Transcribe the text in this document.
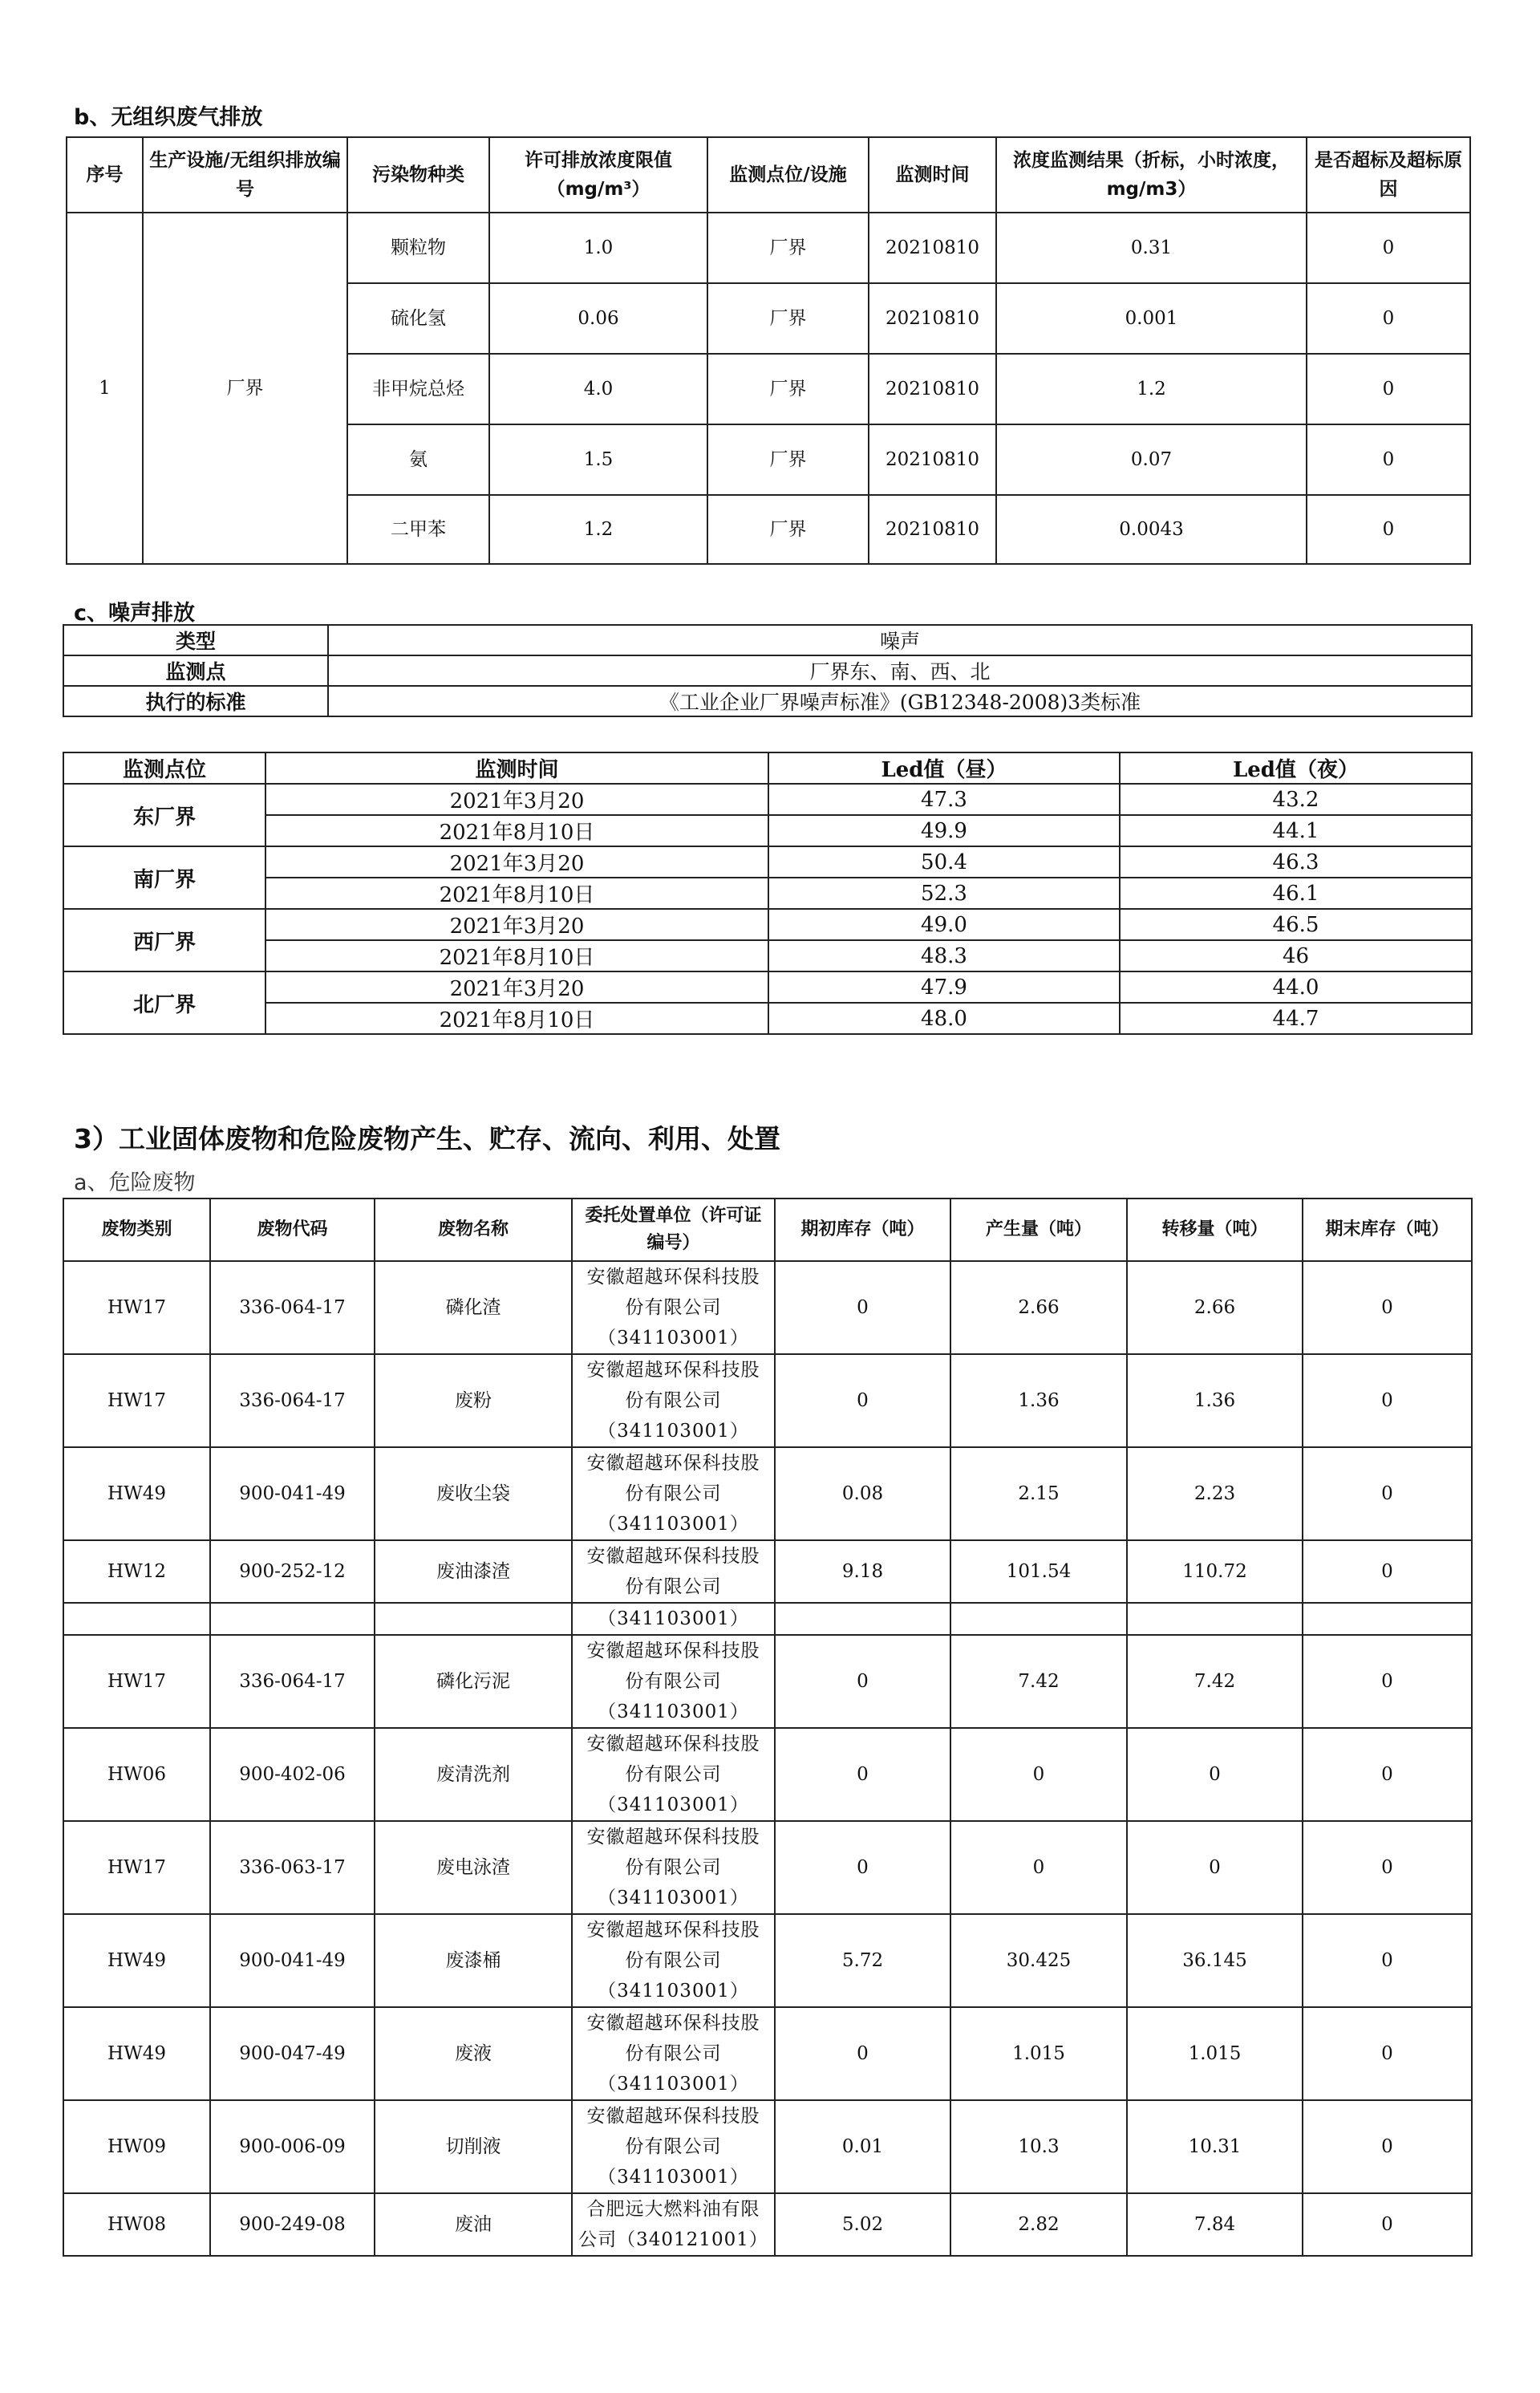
b、无组织废气排放
序号	生产设施/无组织排放编号	污染物种类	许可排放浓度限值（mg/m³）	监测点位/设施	监测时间	浓度监测结果（折标，小时浓度，mg/m3）	是否超标及超标原因
1	厂界	颗粒物	1.0	厂界	20210810	0.31	0
		硫化氢	0.06	厂界	20210810	0.001	0
		非甲烷总烃	4.0	厂界	20210810	1.2	0
		氨	1.5	厂界	20210810	0.07	0
		二甲苯	1.2	厂界	20210810	0.0043	0
c、噪声排放
类型	噪声
监测点	厂界东、南、西、北
执行的标准	《工业企业厂界噪声标准》(GB12348-2008)3类标准
监测点位	监测时间	Led值（昼）	Led值（夜）
东厂界	2021年3月20	47.3	43.2
	2021年8月10日	49.9	44.1
南厂界	2021年3月20	50.4	46.3
	2021年8月10日	52.3	46.1
西厂界	2021年3月20	49.0	46.5
	2021年8月10日	48.3	46
北厂界	2021年3月20	47.9	44.0
	2021年8月10日	48.0	44.7
3）工业固体废物和危险废物产生、贮存、流向、利用、处置
a、危险废物
废物类别	废物代码	废物名称	委托处置单位（许可证编号）	期初库存（吨）	产生量（吨）	转移量（吨）	期末库存（吨）
HW17	336-064-17	磷化渣	安徽超越环保科技股份有限公司（341103001）	0	2.66	2.66	0
HW17	336-064-17	废粉	安徽超越环保科技股份有限公司（341103001）	0	1.36	1.36	0
HW49	900-041-49	废收尘袋	安徽超越环保科技股份有限公司（341103001）	0.08	2.15	2.23	0
HW12	900-252-12	废油漆渣	安徽超越环保科技股份有限公司	9.18	101.54	110.72	0
			（341103001）				
HW17	336-064-17	磷化污泥	安徽超越环保科技股份有限公司（341103001）	0	7.42	7.42	0
HW06	900-402-06	废清洗剂	安徽超越环保科技股份有限公司（341103001）	0	0	0	0
HW17	336-063-17	废电泳渣	安徽超越环保科技股份有限公司（341103001）	0	0	0	0
HW49	900-041-49	废漆桶	安徽超越环保科技股份有限公司（341103001）	5.72	30.425	36.145	0
HW49	900-047-49	废液	安徽超越环保科技股份有限公司（341103001）	0	1.015	1.015	0
HW09	900-006-09	切削液	安徽超越环保科技股份有限公司（341103001）	0.01	10.3	10.31	0
HW08	900-249-08	废油	合肥远大燃料油有限公司（340121001）	5.02	2.82	7.84	0
